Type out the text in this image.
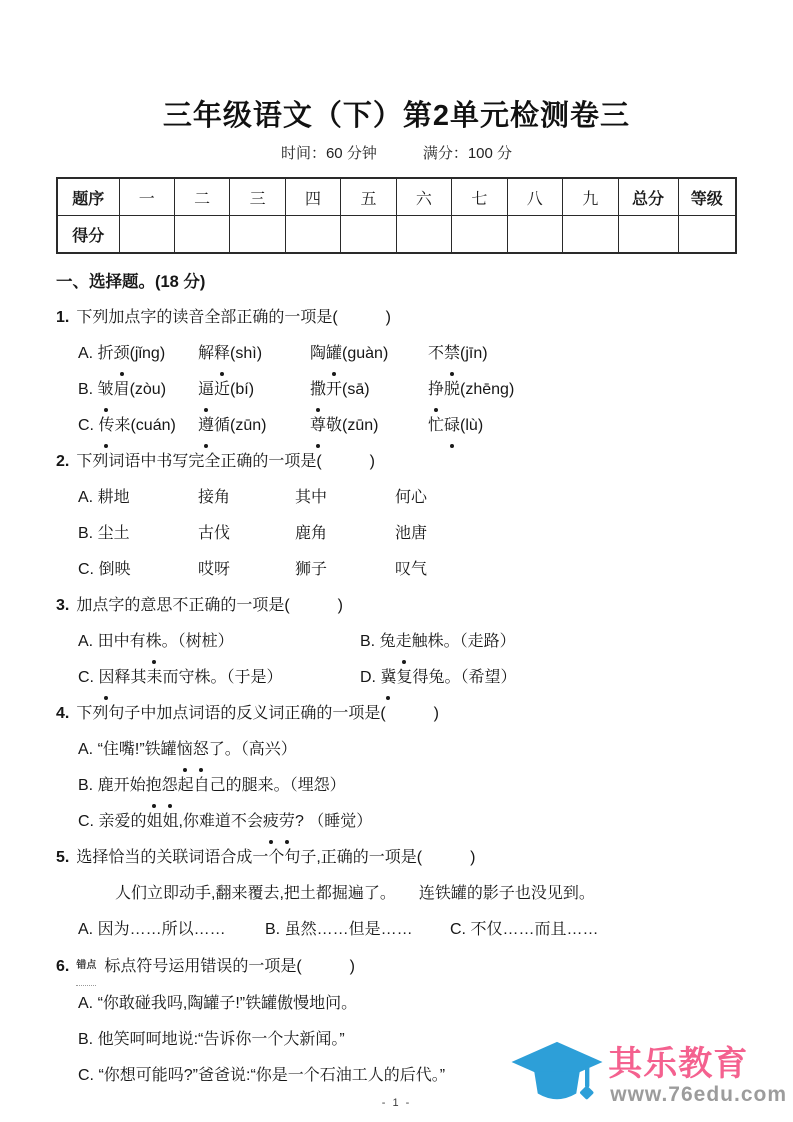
三年级语文（下）第2单元检测卷三
时间：60 分钟	满分：100 分
题序	一	二	三	四	五	六	七	八	九	总分	等级
得分											
一、选择题。(18 分)
1. 下列加点字的读音全部正确的一项是(　　　)
A. 折颈(jǐng)	解释(shì)	陶罐(guàn)	不禁(jīn)
B. 皱眉(zòu)	逼近(bí)	撒开(sā)	挣脱(zhēng)
C. 传来(cuán)	遵循(zūn)	尊敬(zūn)	忙碌(lù)
2. 下列词语中书写完全正确的一项是(　　　)
A. 耕地	接角	其中	何心
B. 尘土	古伐	鹿角	池唐
C. 倒映	哎呀	狮子	叹气
3. 加点字的意思不正确的一项是(　　　)
A. 田中有株。（树桩）	B. 兔走触株。（走路）
C. 因释其耒而守株。（于是）	D. 冀复得兔。（希望）
4. 下列句子中加点词语的反义词正确的一项是(　　　)
A. “住嘴!”铁罐恼怒了。（高兴）
B. 鹿开始抱怨起自己的腿来。（埋怨）
C. 亲爱的姐姐,你难道不会疲劳? （睡觉）
5. 选择恰当的关联词语合成一个句子,正确的一项是(　　　)
人们立即动手,翻来覆去,把土都掘遍了。 连铁罐的影子也没见到。
A. 因为……所以……	B. 虽然……但是……	C. 不仅……而且……
6. 错点 标点符号运用错误的一项是(　　　)
A. “你敢碰我吗,陶罐子!”铁罐傲慢地问。
B. 他笑呵呵地说:“告诉你一个大新闻。”
C. “你想可能吗?”爸爸说:“你是一个石油工人的后代。”
- 1 -
其乐教育
www.76edu.com
